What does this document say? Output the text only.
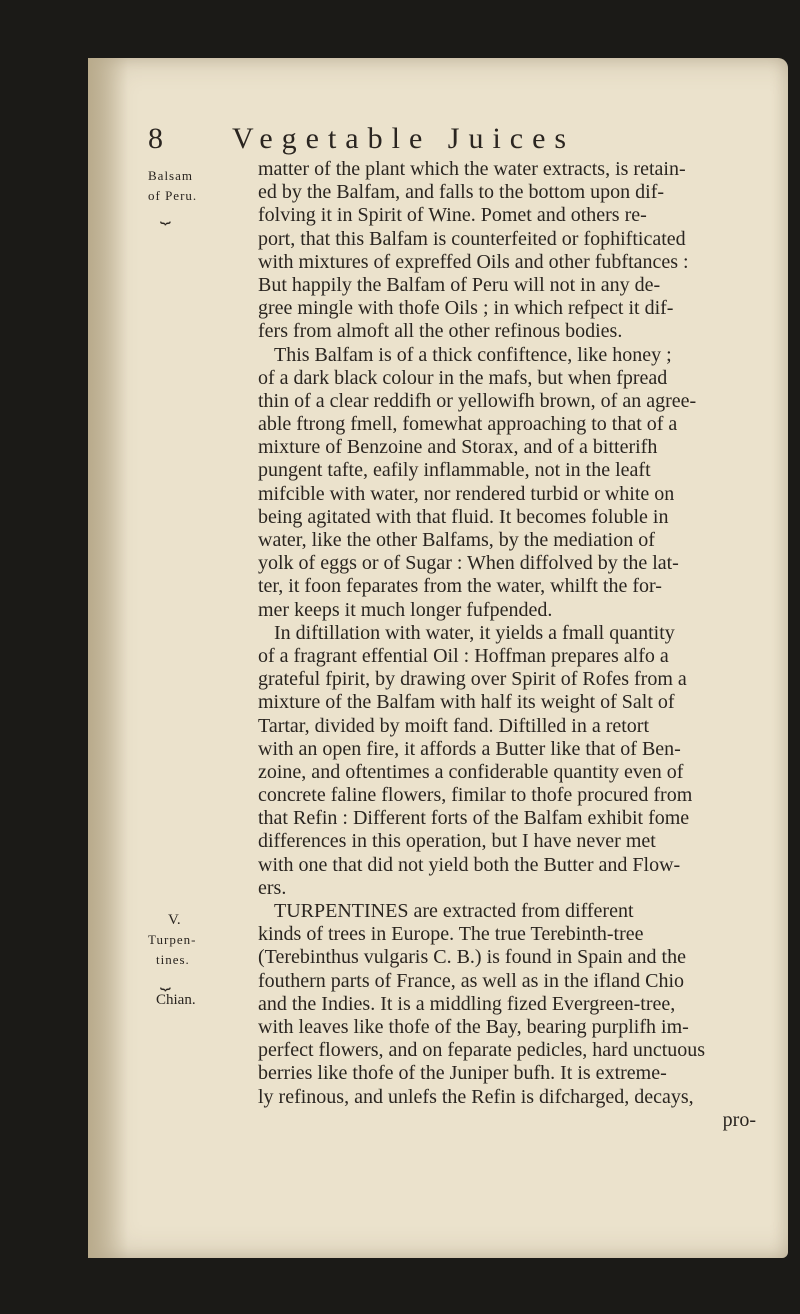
8 Vegetable Juices
Balsam
of Peru.
⏟
V.
Turpen-
tines.
⏟
Chian.
matter of the plant which the water extracts, is retain-
ed by the Balfam, and falls to the bottom upon dif-
folving it in Spirit of Wine. Pomet and others re-
port, that this Balfam is counterfeited or fophifticated
with mixtures of expreffed Oils and other fubftances :
But happily the Balfam of Peru will not in any de-
gree mingle with thofe Oils ; in which refpect it dif-
fers from almoft all the other refinous bodies.
This Balfam is of a thick confiftence, like honey ;
of a dark black colour in the mafs, but when fpread
thin of a clear reddifh or yellowifh brown, of an agree-
able ftrong fmell, fomewhat approaching to that of a
mixture of Benzoine and Storax, and of a bitterifh
pungent tafte, eafily inflammable, not in the leaft
mifcible with water, nor rendered turbid or white on
being agitated with that fluid. It becomes foluble in
water, like the other Balfams, by the mediation of
yolk of eggs or of Sugar : When diffolved by the lat-
ter, it foon feparates from the water, whilft the for-
mer keeps it much longer fufpended.
In diftillation with water, it yields a fmall quantity
of a fragrant effential Oil : Hoffman prepares alfo a
grateful fpirit, by drawing over Spirit of Rofes from a
mixture of the Balfam with half its weight of Salt of
Tartar, divided by moift fand. Diftilled in a retort
with an open fire, it affords a Butter like that of Ben-
zoine, and oftentimes a confiderable quantity even of
concrete faline flowers, fimilar to thofe procured from
that Refin : Different forts of the Balfam exhibit fome
differences in this operation, but I have never met
with one that did not yield both the Butter and Flow-
ers.
TURPENTINES are extracted from different
kinds of trees in Europe. The true Terebinth-tree
(Terebinthus vulgaris C. B.) is found in Spain and the
fouthern parts of France, as well as in the ifland Chio
and the Indies. It is a middling fized Evergreen-tree,
with leaves like thofe of the Bay, bearing purplifh im-
perfect flowers, and on feparate pedicles, hard unctuous
berries like thofe of the Juniper bufh. It is extreme-
ly refinous, and unlefs the Refin is difcharged, decays,
pro-
